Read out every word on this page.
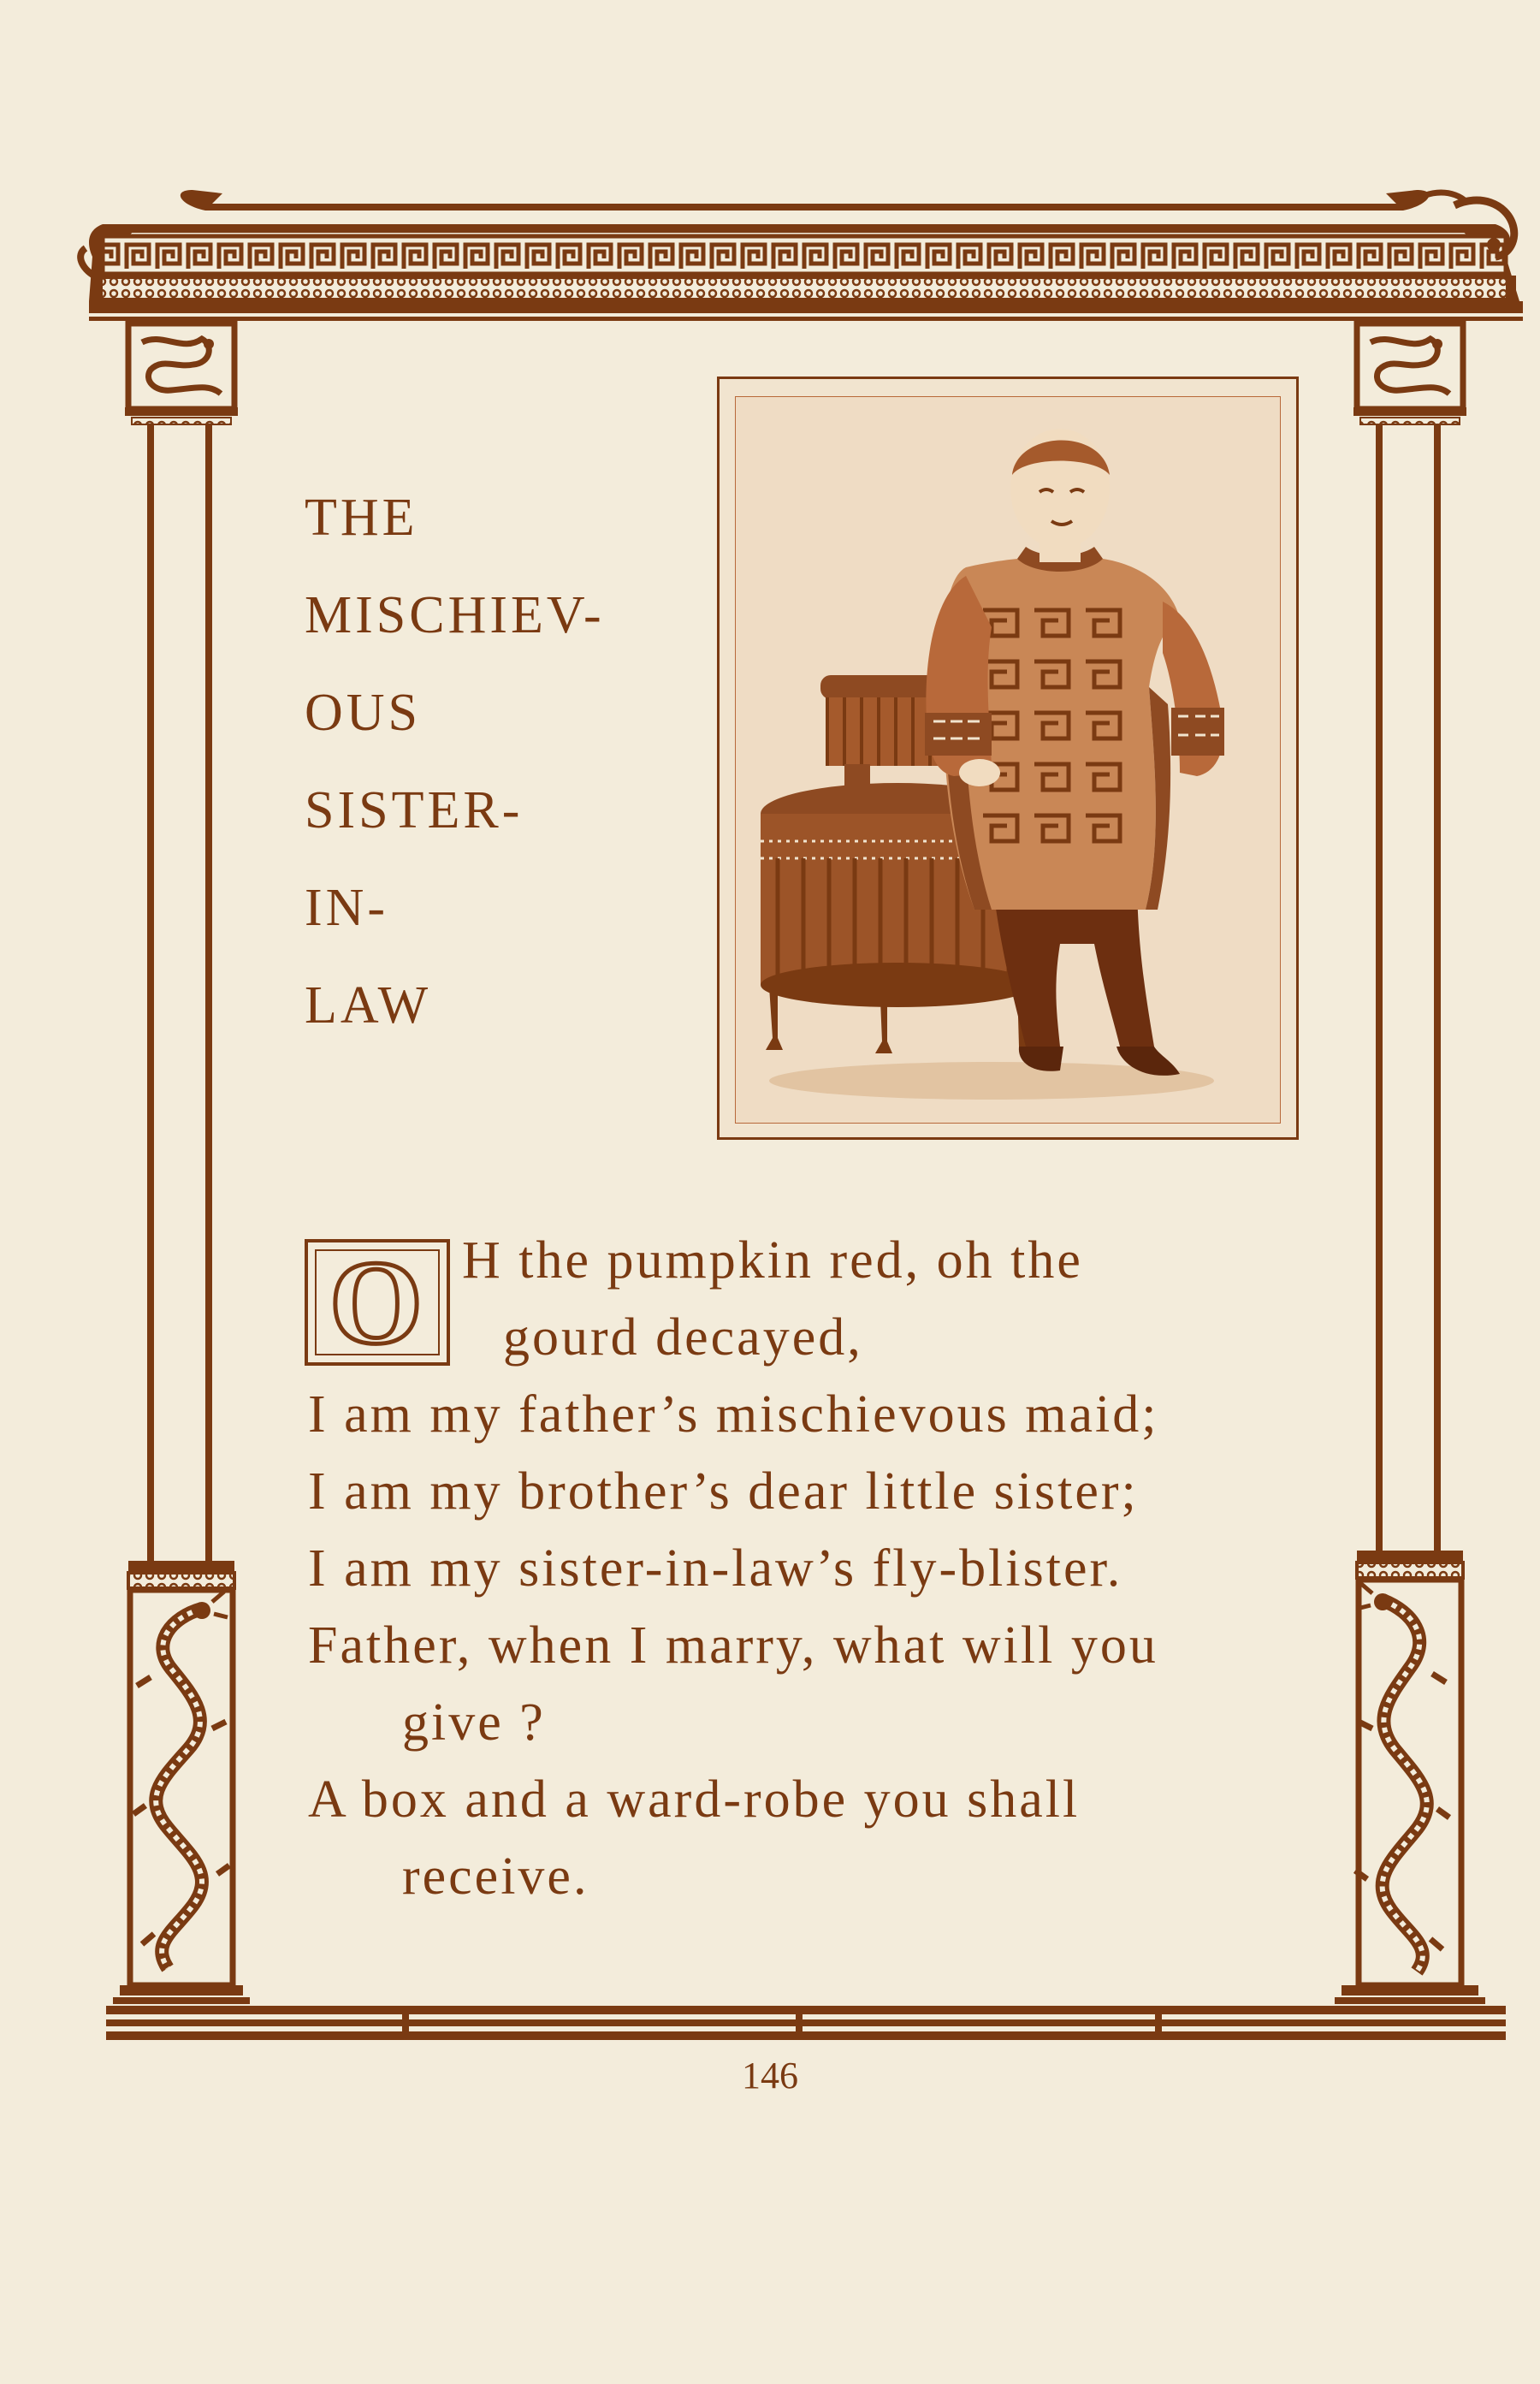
THE
MISCHIEV-
OUS
SISTER-
IN-
LAW
O H the pumpkin red, oh the
gourd decayed,
I am my father’s mischievous maid;
I am my brother’s dear little sister;
I am my sister-in-law’s fly-blister.
Father, when I marry, what will you
give ?
A box and a ward-robe you shall
receive.
146
